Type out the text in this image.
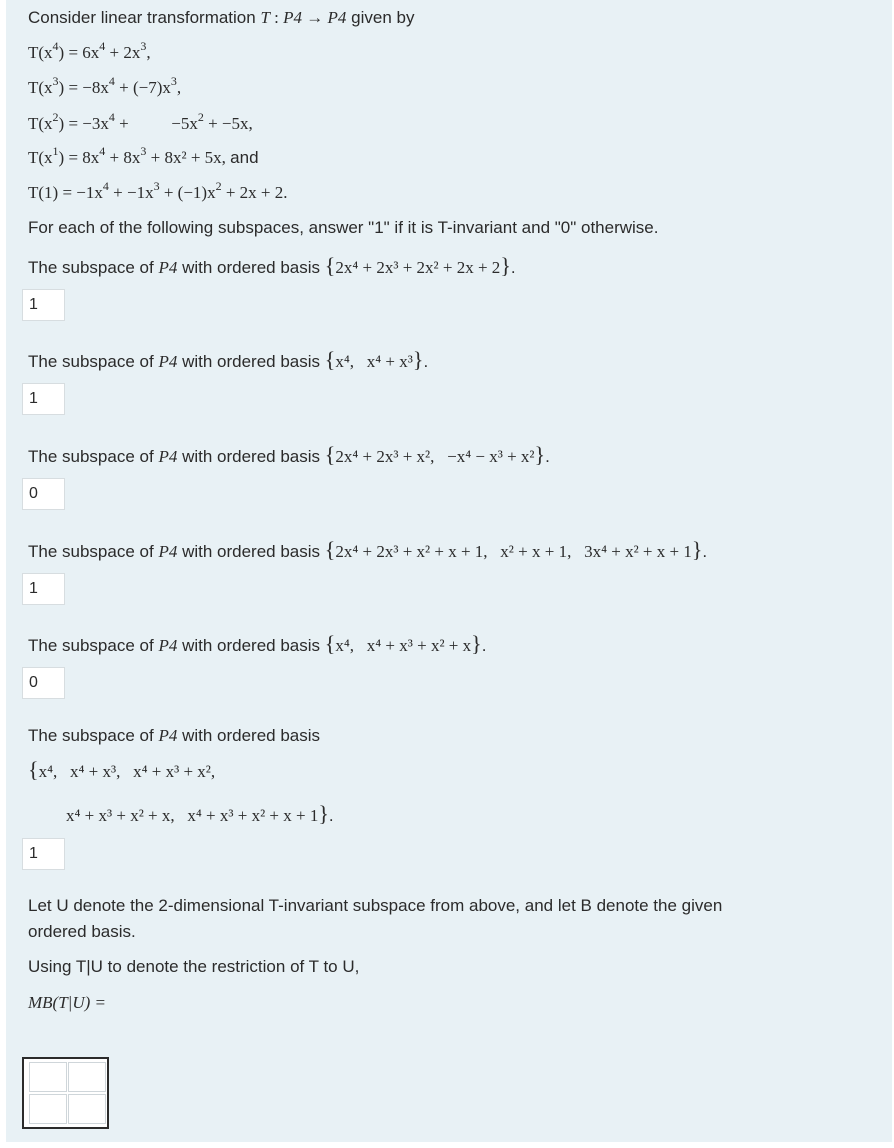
Consider linear transformation T : P4 → P4 given by
$T(x^4) = 6x^4 + 2x^3$,
$T(x^3) = -8x^4 + (-7)x^3$,
$T(x^2) = -3x^4$ +          $-5x^2 + -5x$,
$T(x^1) = 8x^4 + 8x^3 + 8x^2 + 5x$, and
$T(1) = -1x^4 + -1x^3 + (-1)x^2 + 2x + 2$.
For each of the following subspaces, answer "1" if it is T-invariant and "0" otherwise.
The subspace of P4 with ordered basis {2x⁴ + 2x³ + 2x² + 2x + 2}.
1
The subspace of P4 with ordered basis {x⁴,   x⁴ + x³}.
1
The subspace of P4 with ordered basis {2x⁴ + 2x³ + x²,   −x⁴ − x³ + x²}.
0
The subspace of P4 with ordered basis {2x⁴ + 2x³ + x² + x + 1,   x² + x + 1,   3x⁴ + x² + x + 1}.
1
The subspace of P4 with ordered basis {x⁴,   x⁴ + x³ + x² + x}.
0
The subspace of P4 with ordered basis
{x⁴,   x⁴ + x³,   x⁴ + x³ + x²,
x⁴ + x³ + x² + x,   x⁴ + x³ + x² + x + 1}.
1
Let U denote the 2-dimensional T-invariant subspace from above, and let B denote the given
ordered basis.
Using T|U to denote the restriction of T to U,
MB(T|U) =
